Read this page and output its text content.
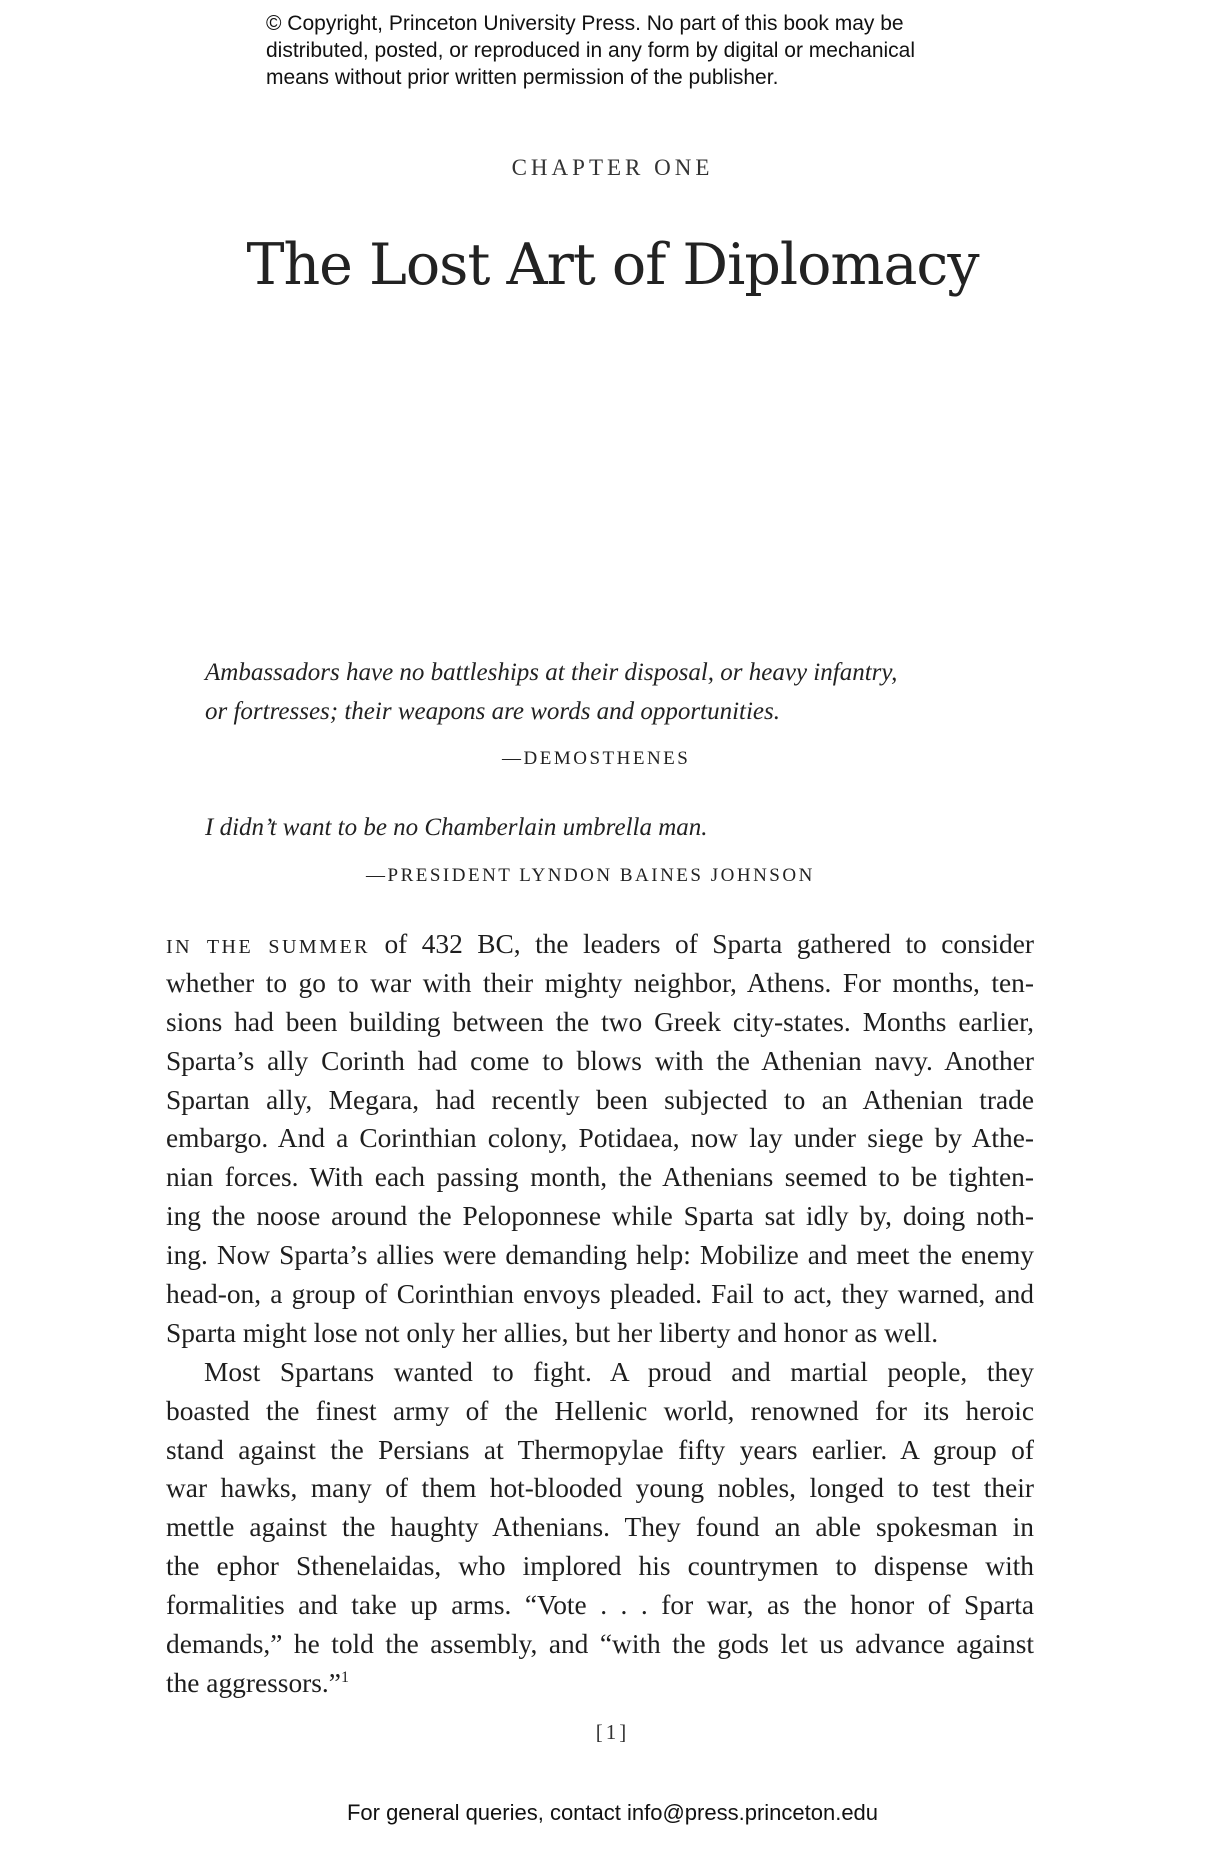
© Copyright, Princeton University Press. No part of this book may be
distributed, posted, or reproduced in any form by digital or mechanical
means without prior written permission of the publisher.
CHAPTER ONE
The Lost Art of Diplomacy
Ambassadors have no battleships at their disposal, or heavy infantry,
or fortresses; their weapons are words and opportunities.
—DEMOSTHENES
I didn’t want to be no Chamberlain umbrella man.
—PRESIDENT LYNDON BAINES JOHNSON
IN THE SUMMER of 432 BC, the leaders of Sparta gathered to consider
whether to go to war with their mighty neighbor, Athens. For months, ten-
sions had been building between the two Greek city-states. Months earlier,
Sparta’s ally Corinth had come to blows with the Athenian navy. Another
Spartan ally, Megara, had recently been subjected to an Athenian trade
embargo. And a Corinthian colony, Potidaea, now lay under siege by Athe-
nian forces. With each passing month, the Athenians seemed to be tighten-
ing the noose around the Peloponnese while Sparta sat idly by, doing noth-
ing. Now Sparta’s allies were demanding help: Mobilize and meet the enemy
head-on, a group of Corinthian envoys pleaded. Fail to act, they warned, and
Sparta might lose not only her allies, but her liberty and honor as well.
Most Spartans wanted to fight. A proud and martial people, they
boasted the finest army of the Hellenic world, renowned for its heroic
stand against the Persians at Thermopylae fifty years earlier. A group of
war hawks, many of them hot-blooded young nobles, longed to test their
mettle against the haughty Athenians. They found an able spokesman in
the ephor Sthenelaidas, who implored his countrymen to dispense with
formalities and take up arms. “Vote . . . for war, as the honor of Sparta
demands,” he told the assembly, and “with the gods let us advance against
the aggressors.”$^1$
[1]
For general queries, contact info@press.princeton.edu
